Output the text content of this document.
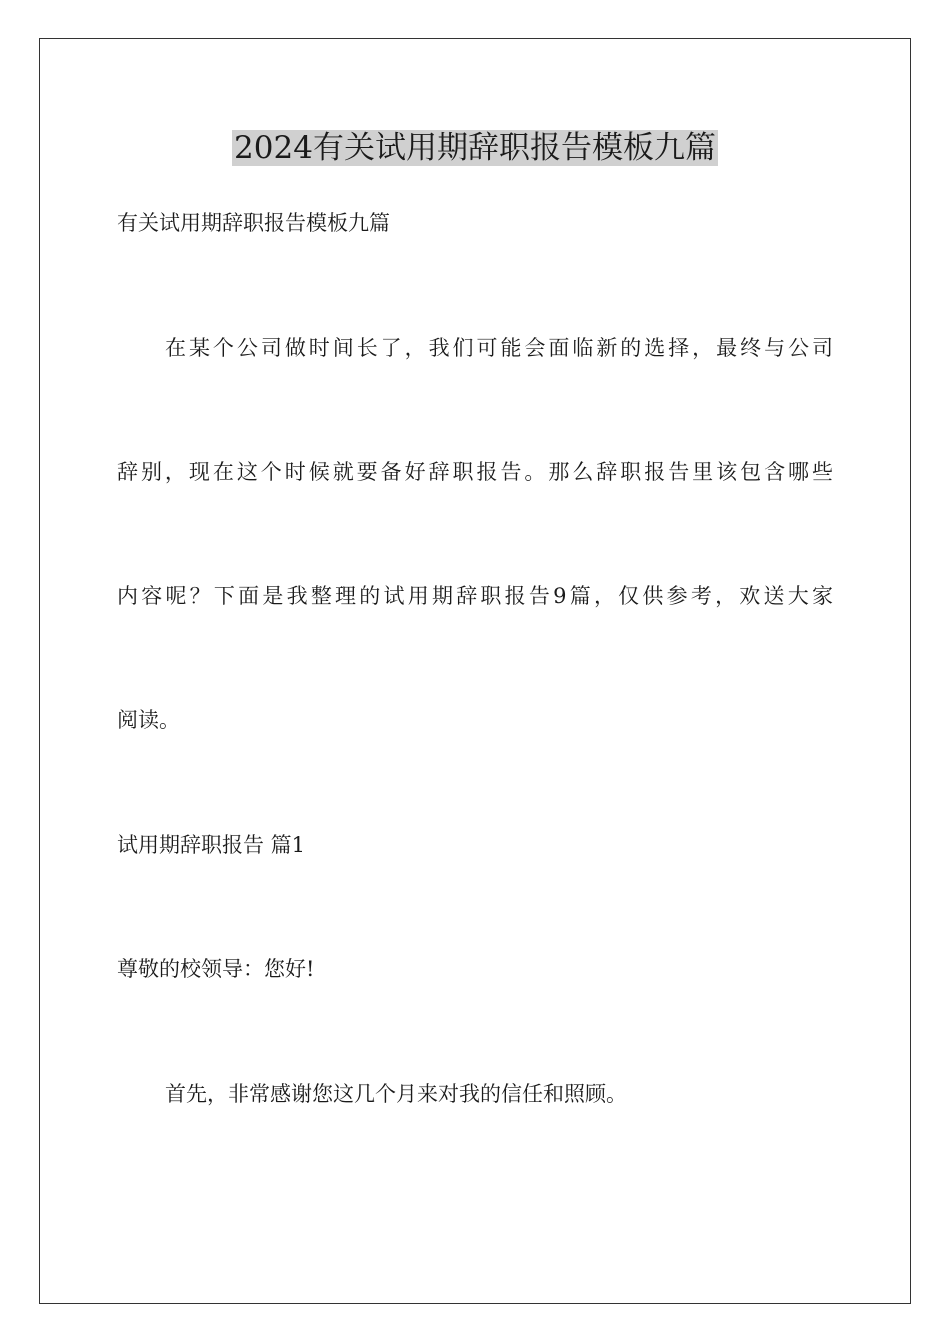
2024有关试用期辞职报告模板九篇

有关试用期辞职报告模板九篇

在某个公司做时间长了，我们可能会面临新的选择，最终与公司

辞别，现在这个时候就要备好辞职报告。那么辞职报告里该包含哪些

内容呢？下面是我整理的试用期辞职报告9篇，仅供参考，欢送大家

阅读。

试用期辞职报告 篇1

尊敬的校领导：您好!

首先，非常感谢您这几个月来对我的信任和照顾。
